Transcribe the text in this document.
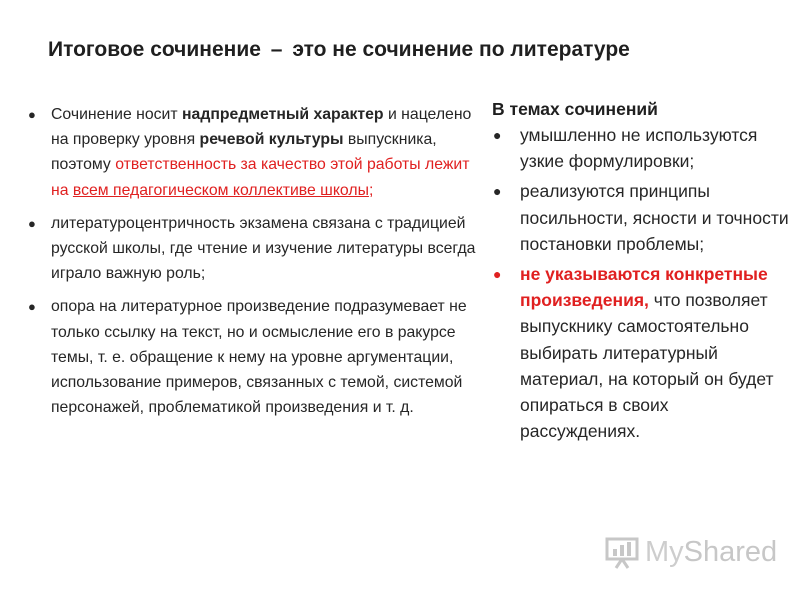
Итоговое сочинение – это не сочинение по литературе
● Сочинение носит надпредметный характер и нацелено на проверку уровня речевой культуры выпускника, поэтому ответственность за качество этой работы лежит на всем педагогическом коллективе школы;
● литературоцентричность экзамена связана с традицией русской школы, где чтение и изучение литературы всегда играло важную роль;
● опора на литературное произведение подразумевает не только ссылку на текст, но и осмысление его в ракурсе темы, т. е. обращение к нему на уровне аргументации, использование примеров, связанных с темой, системой персонажей, проблематикой произведения и т. д.
В темах сочинений
● умышленно не используются узкие формулировки;
● реализуются принципы посильности, ясности и точности постановки проблемы;
● не указываются конкретные произведения, что позволяет выпускнику самостоятельно выбирать литературный материал, на который он будет опираться в своих рассуждениях.
MyShared
